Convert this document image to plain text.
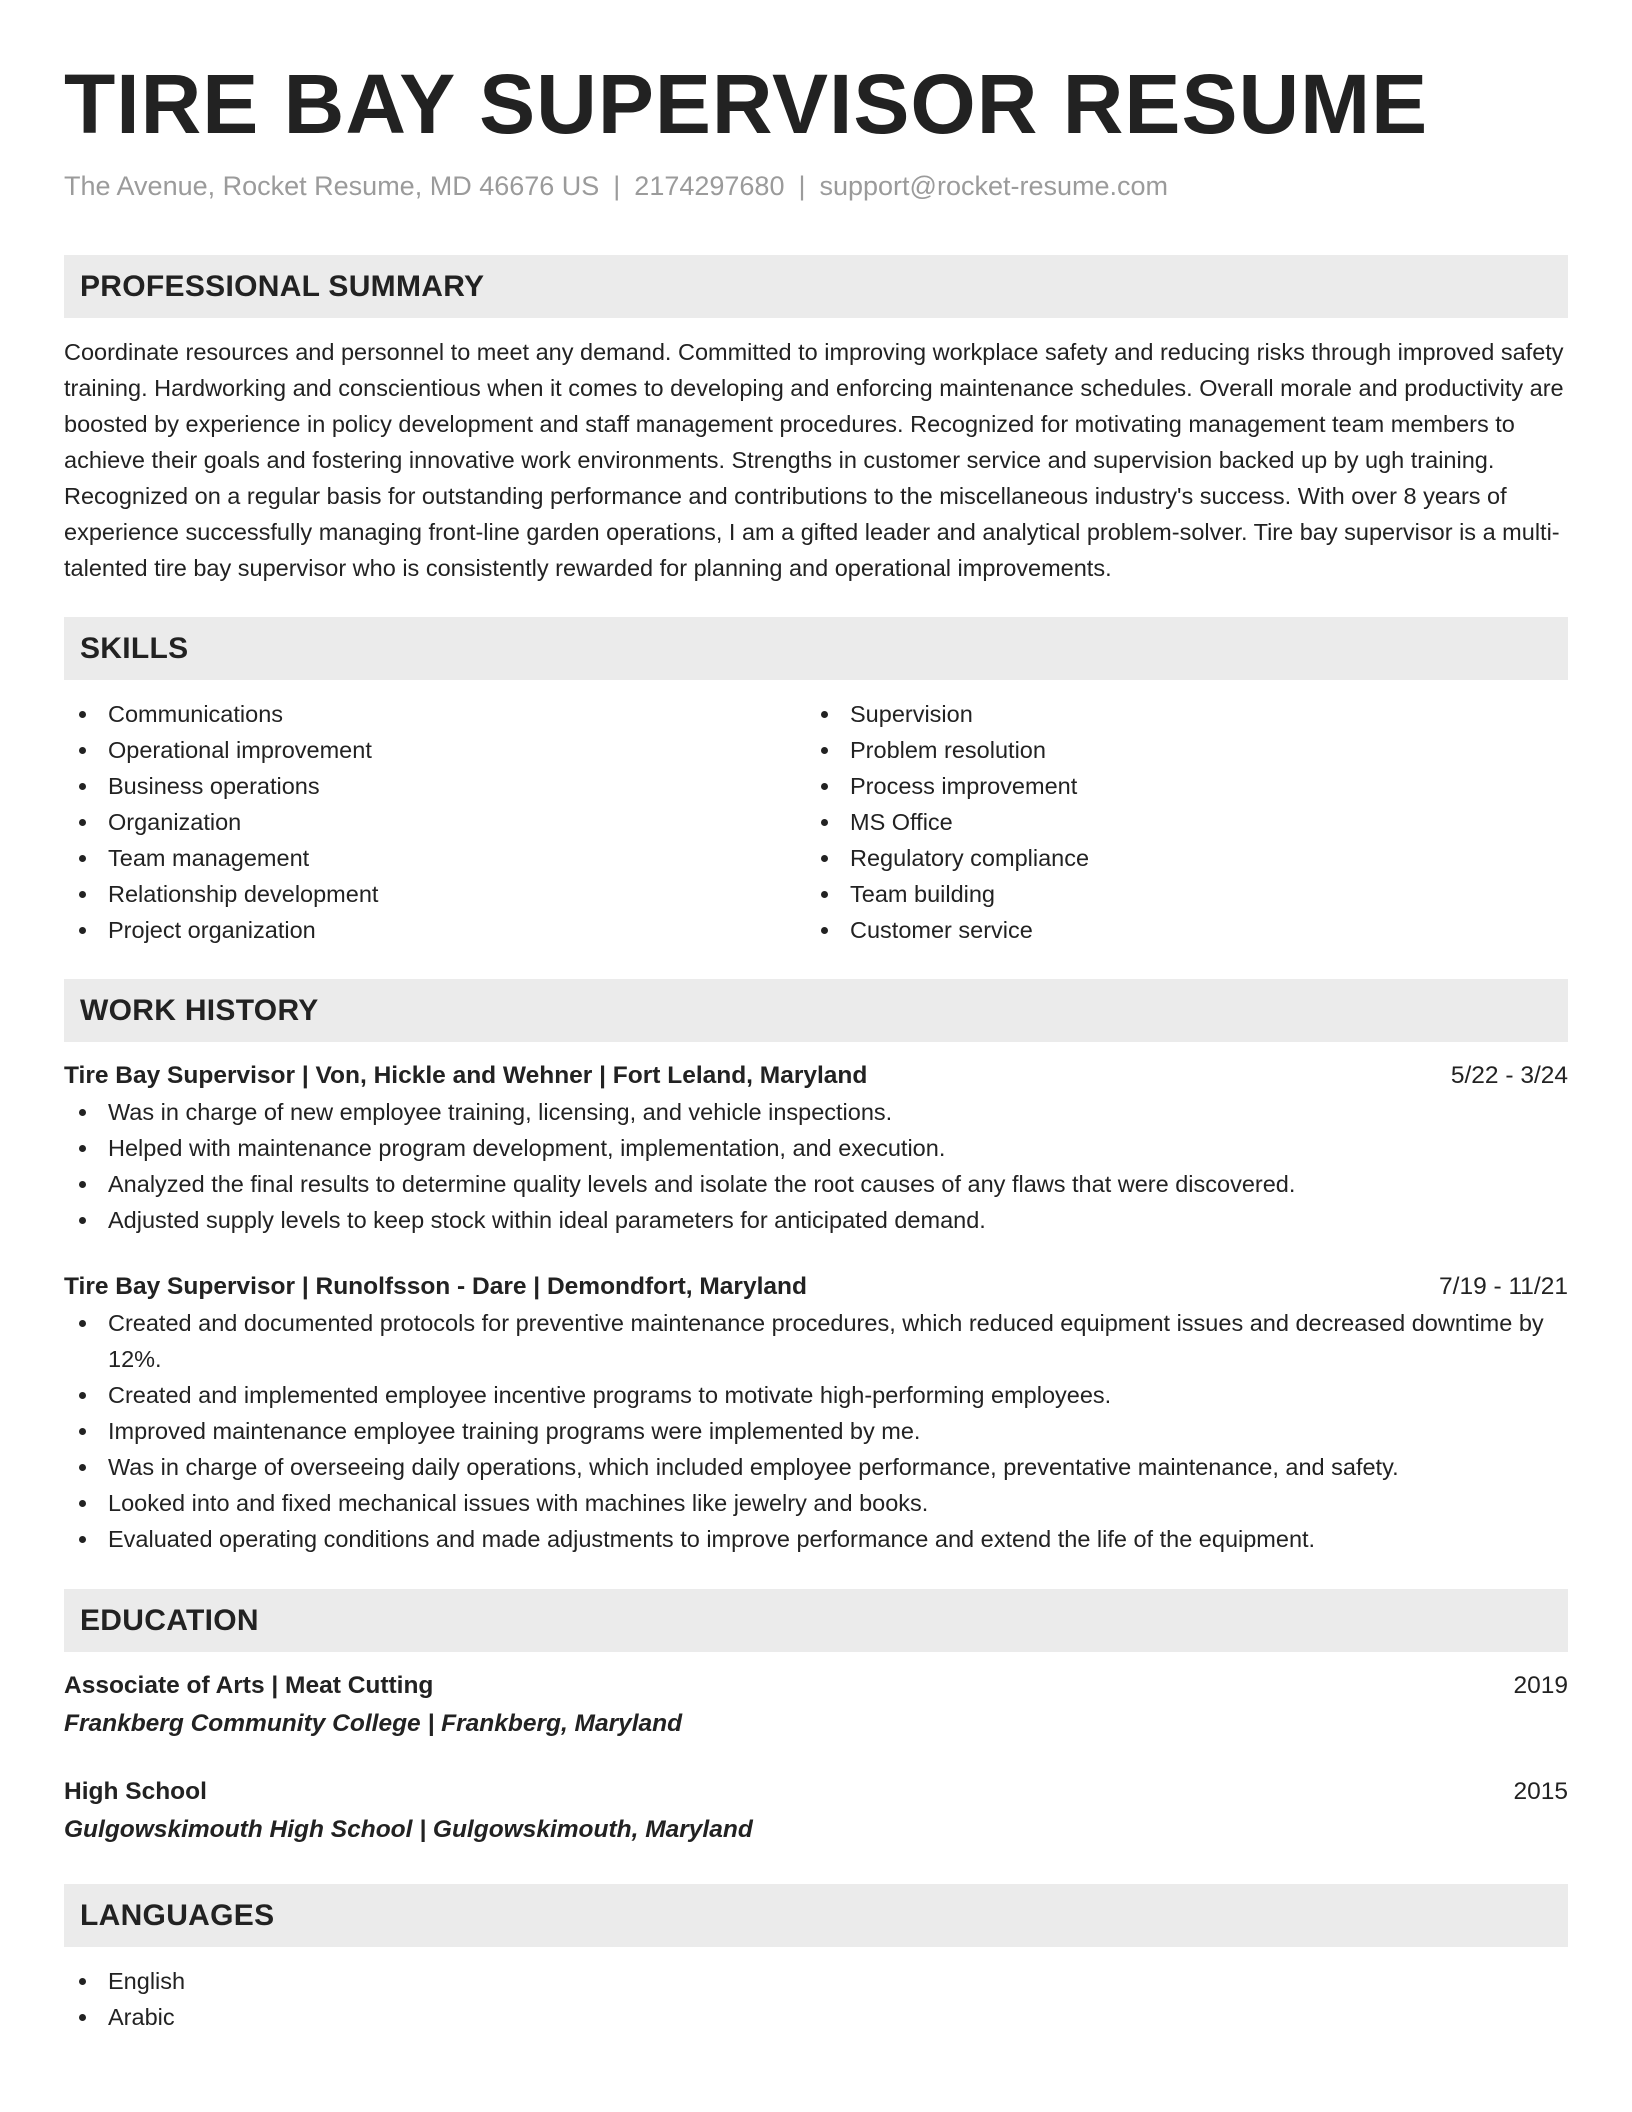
TIRE BAY SUPERVISOR RESUME
The Avenue, Rocket Resume, MD 46676 US | 2174297680 | support@rocket-resume.com
PROFESSIONAL SUMMARY
Coordinate resources and personnel to meet any demand. Committed to improving workplace safety and reducing risks through improved safety training. Hardworking and conscientious when it comes to developing and enforcing maintenance schedules. Overall morale and productivity are boosted by experience in policy development and staff management procedures. Recognized for motivating management team members to achieve their goals and fostering innovative work environments. Strengths in customer service and supervision backed up by ugh training. Recognized on a regular basis for outstanding performance and contributions to the miscellaneous industry's success. With over 8 years of experience successfully managing front-line garden operations, I am a gifted leader and analytical problem-solver. Tire bay supervisor is a multi-talented tire bay supervisor who is consistently rewarded for planning and operational improvements.
SKILLS
Communications
Operational improvement
Business operations
Organization
Team management
Relationship development
Project organization
Supervision
Problem resolution
Process improvement
MS Office
Regulatory compliance
Team building
Customer service
WORK HISTORY
Tire Bay Supervisor | Von, Hickle and Wehner | Fort Leland, Maryland	5/22 - 3/24
Was in charge of new employee training, licensing, and vehicle inspections.
Helped with maintenance program development, implementation, and execution.
Analyzed the final results to determine quality levels and isolate the root causes of any flaws that were discovered.
Adjusted supply levels to keep stock within ideal parameters for anticipated demand.
Tire Bay Supervisor | Runolfsson - Dare | Demondfort, Maryland	7/19 - 11/21
Created and documented protocols for preventive maintenance procedures, which reduced equipment issues and decreased downtime by 12%.
Created and implemented employee incentive programs to motivate high-performing employees.
Improved maintenance employee training programs were implemented by me.
Was in charge of overseeing daily operations, which included employee performance, preventative maintenance, and safety.
Looked into and fixed mechanical issues with machines like jewelry and books.
Evaluated operating conditions and made adjustments to improve performance and extend the life of the equipment.
EDUCATION
Associate of Arts | Meat Cutting	2019
Frankberg Community College | Frankberg, Maryland
High School	2015
Gulgowskimouth High School | Gulgowskimouth, Maryland
LANGUAGES
English
Arabic
